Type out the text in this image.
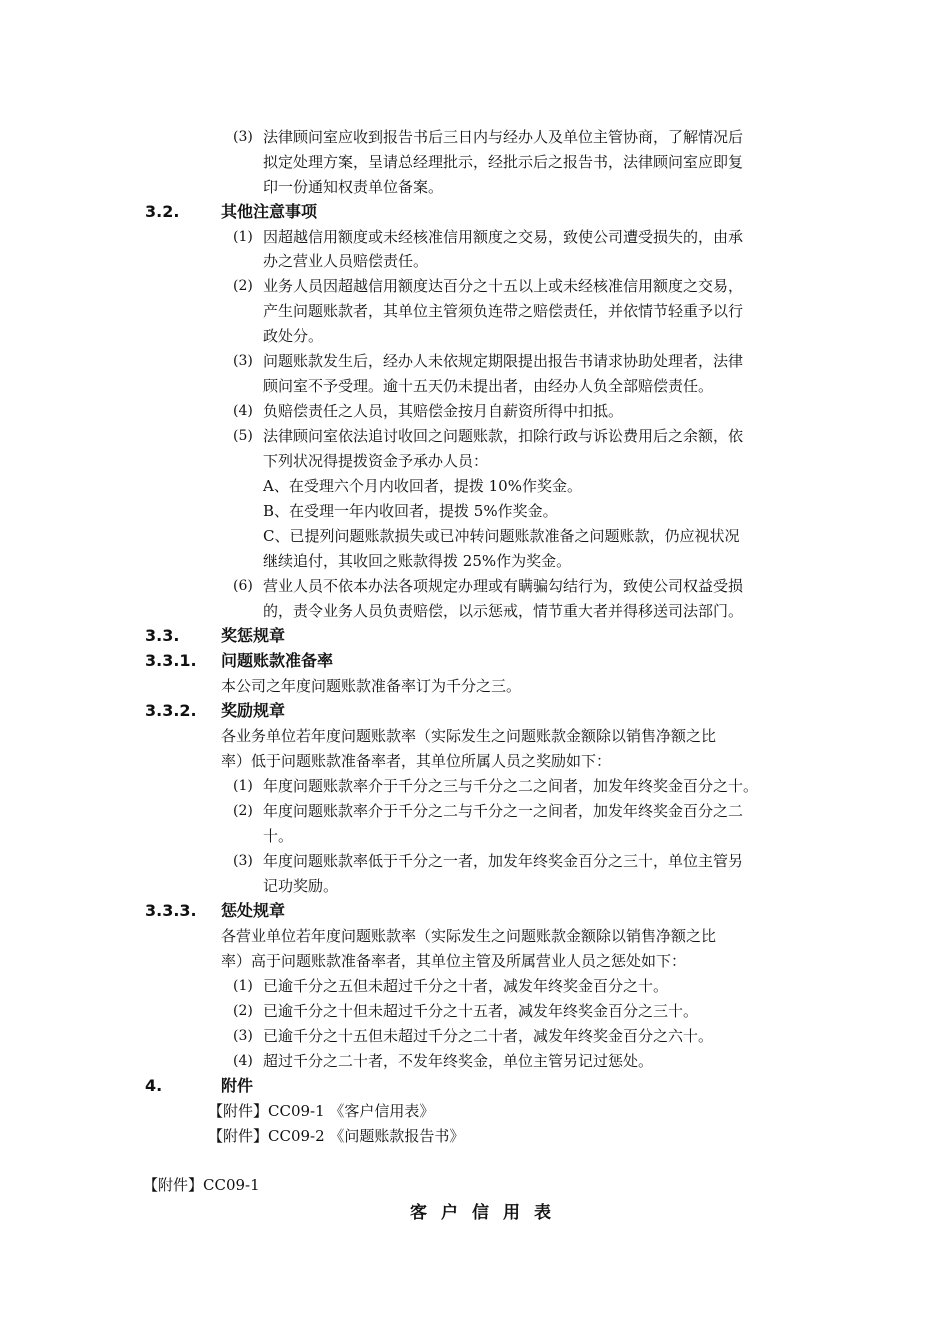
(3) 法律顾问室应收到报告书后三日内与经办人及单位主管协商，了解情况后
拟定处理方案，呈请总经理批示，经批示后之报告书，法律顾问室应即复
印一份通知权责单位备案。
3.2.	其他注意事项
(1) 因超越信用额度或未经核准信用额度之交易，致使公司遭受损失的，由承
办之营业人员赔偿责任。
(2) 业务人员因超越信用额度达百分之十五以上或未经核准信用额度之交易，
产生问题账款者，其单位主管须负连带之赔偿责任，并依情节轻重予以行
政处分。
(3) 问题账款发生后，经办人未依规定期限提出报告书请求协助处理者，法律
顾问室不予受理。逾十五天仍未提出者，由经办人负全部赔偿责任。
(4) 负赔偿责任之人员，其赔偿金按月自薪资所得中扣抵。
(5) 法律顾问室依法追讨收回之问题账款，扣除行政与诉讼费用后之余额，依
下列状况得提拨资金予承办人员：
A、在受理六个月内收回者，提拨 10%作奖金。
B、在受理一年内收回者，提拨 5%作奖金。
C、已提列问题账款损失或已冲转问题账款准备之问题账款，仍应视状况
继续追付，其收回之账款得拨 25%作为奖金。
(6) 营业人员不依本办法各项规定办理或有瞒骗勾结行为，致使公司权益受损
的，责令业务人员负责赔偿，以示惩戒，情节重大者并得移送司法部门。
3.3.	奖惩规章
3.3.1. 问题账款准备率
本公司之年度问题账款准备率订为千分之三。
3.3.2. 奖励规章
各业务单位若年度问题账款率（实际发生之问题账款金额除以销售净额之比
率）低于问题账款准备率者，其单位所属人员之奖励如下：
(1) 年度问题账款率介于千分之三与千分之二之间者，加发年终奖金百分之十。
(2) 年度问题账款率介于千分之二与千分之一之间者，加发年终奖金百分之二
十。
(3) 年度问题账款率低于千分之一者，加发年终奖金百分之三十，单位主管另
记功奖励。
3.3.3. 惩处规章
各营业单位若年度问题账款率（实际发生之问题账款金额除以销售净额之比
率）高于问题账款准备率者，其单位主管及所属营业人员之惩处如下：
(1) 已逾千分之五但未超过千分之十者，减发年终奖金百分之十。
(2) 已逾千分之十但未超过千分之十五者，减发年终奖金百分之三十。
(3) 已逾千分之十五但未超过千分之二十者，减发年终奖金百分之六十。
(4) 超过千分之二十者，不发年终奖金，单位主管另记过惩处。
4.	附件
【附件】CC09-1 《客户信用表》
【附件】CC09-2 《问题账款报告书》
【附件】CC09-1
客户信用表
